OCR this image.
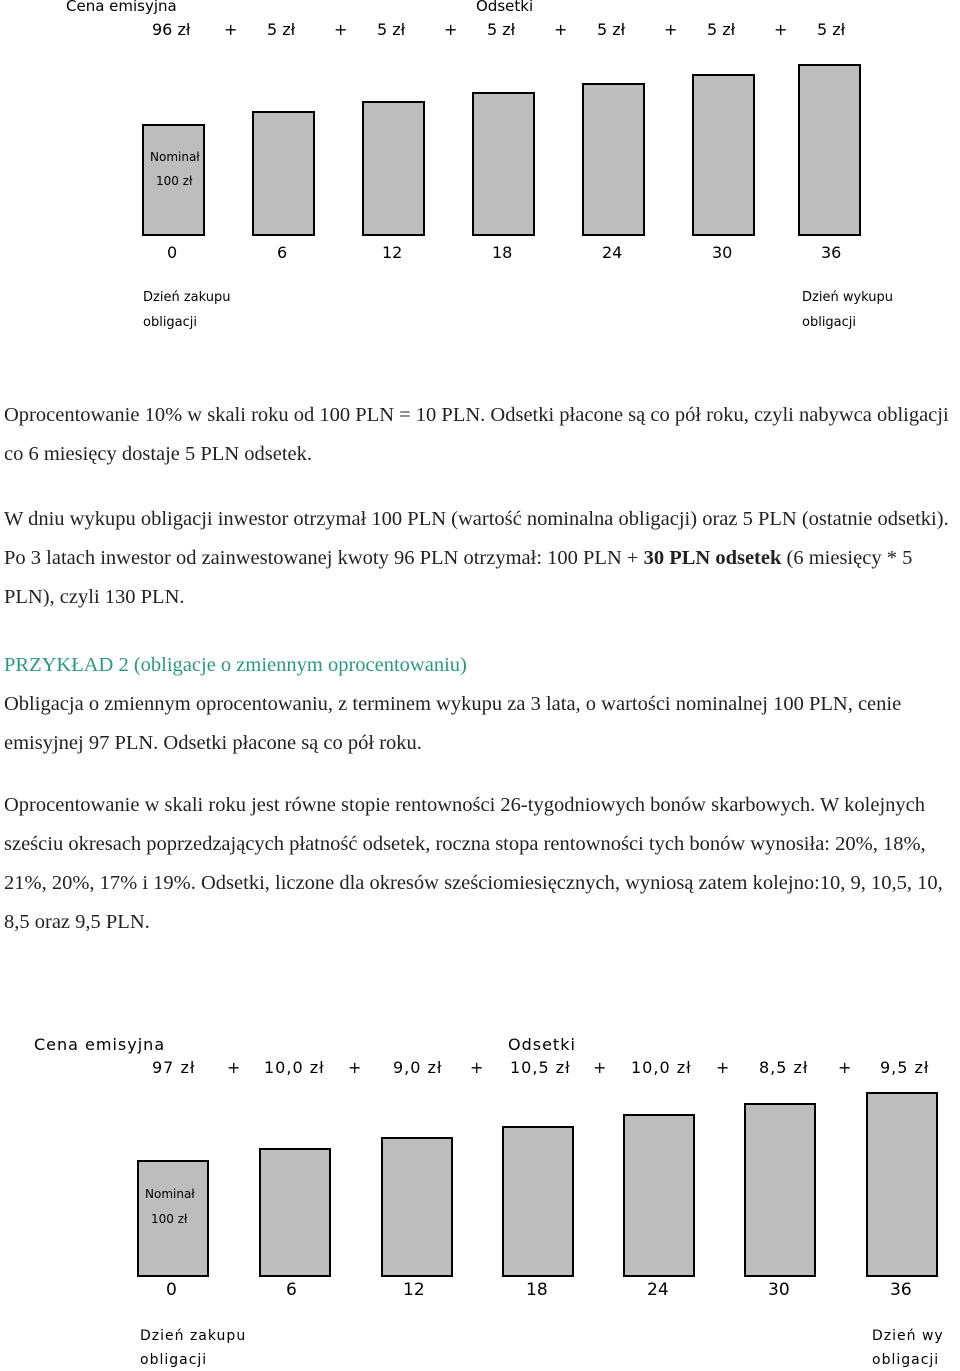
Cena emisyjna	Odsetki
96 zł + 5 zł + 5 zł + 5 zł + 5 zł + 5 zł + 5 zł
Nominał
100 zł
0	6	12	18	24	30	36
Dzień zakupu
obligacji
Dzień wykupu
obligacji

Oprocentowanie 10% w skali roku od 100 PLN = 10 PLN. Odsetki płacone są co pół roku, czyli nabywca obligacji co 6 miesięcy dostaje 5 PLN odsetek.

W dniu wykupu obligacji inwestor otrzymał 100 PLN (wartość nominalna obligacji) oraz 5 PLN (ostatnie odsetki). Po 3 latach inwestor od zainwestowanej kwoty 96 PLN otrzymał: 100 PLN + 30 PLN odsetek (6 miesięcy * 5 PLN), czyli 130 PLN.

PRZYKŁAD 2 (obligacje o zmiennym oprocentowaniu)

Obligacja o zmiennym oprocentowaniu, z terminem wykupu za 3 lata, o wartości nominalnej 100 PLN, cenie emisyjnej 97 PLN. Odsetki płacone są co pół roku.

Oprocentowanie w skali roku jest równe stopie rentowności 26-tygodniowych bonów skarbowych. W kolejnych sześciu okresach poprzedzających płatność odsetek, roczna stopa rentowności tych bonów wynosiła: 20%, 18%, 21%, 20%, 17% i 19%. Odsetki, liczone dla okresów sześciomiesięcznych, wyniosą zatem kolejno:10, 9, 10,5, 10, 8,5 oraz 9,5 PLN.

Cena emisyjna	Odsetki
97 zł + 10,0 zł + 9,0 zł + 10,5 zł + 10,0 zł + 8,5 zł + 9,5 zł
Nominał
100 zł
0	6	12	18	24	30	36
Dzień zakupu
obligacji
Dzień wy
obligacji
